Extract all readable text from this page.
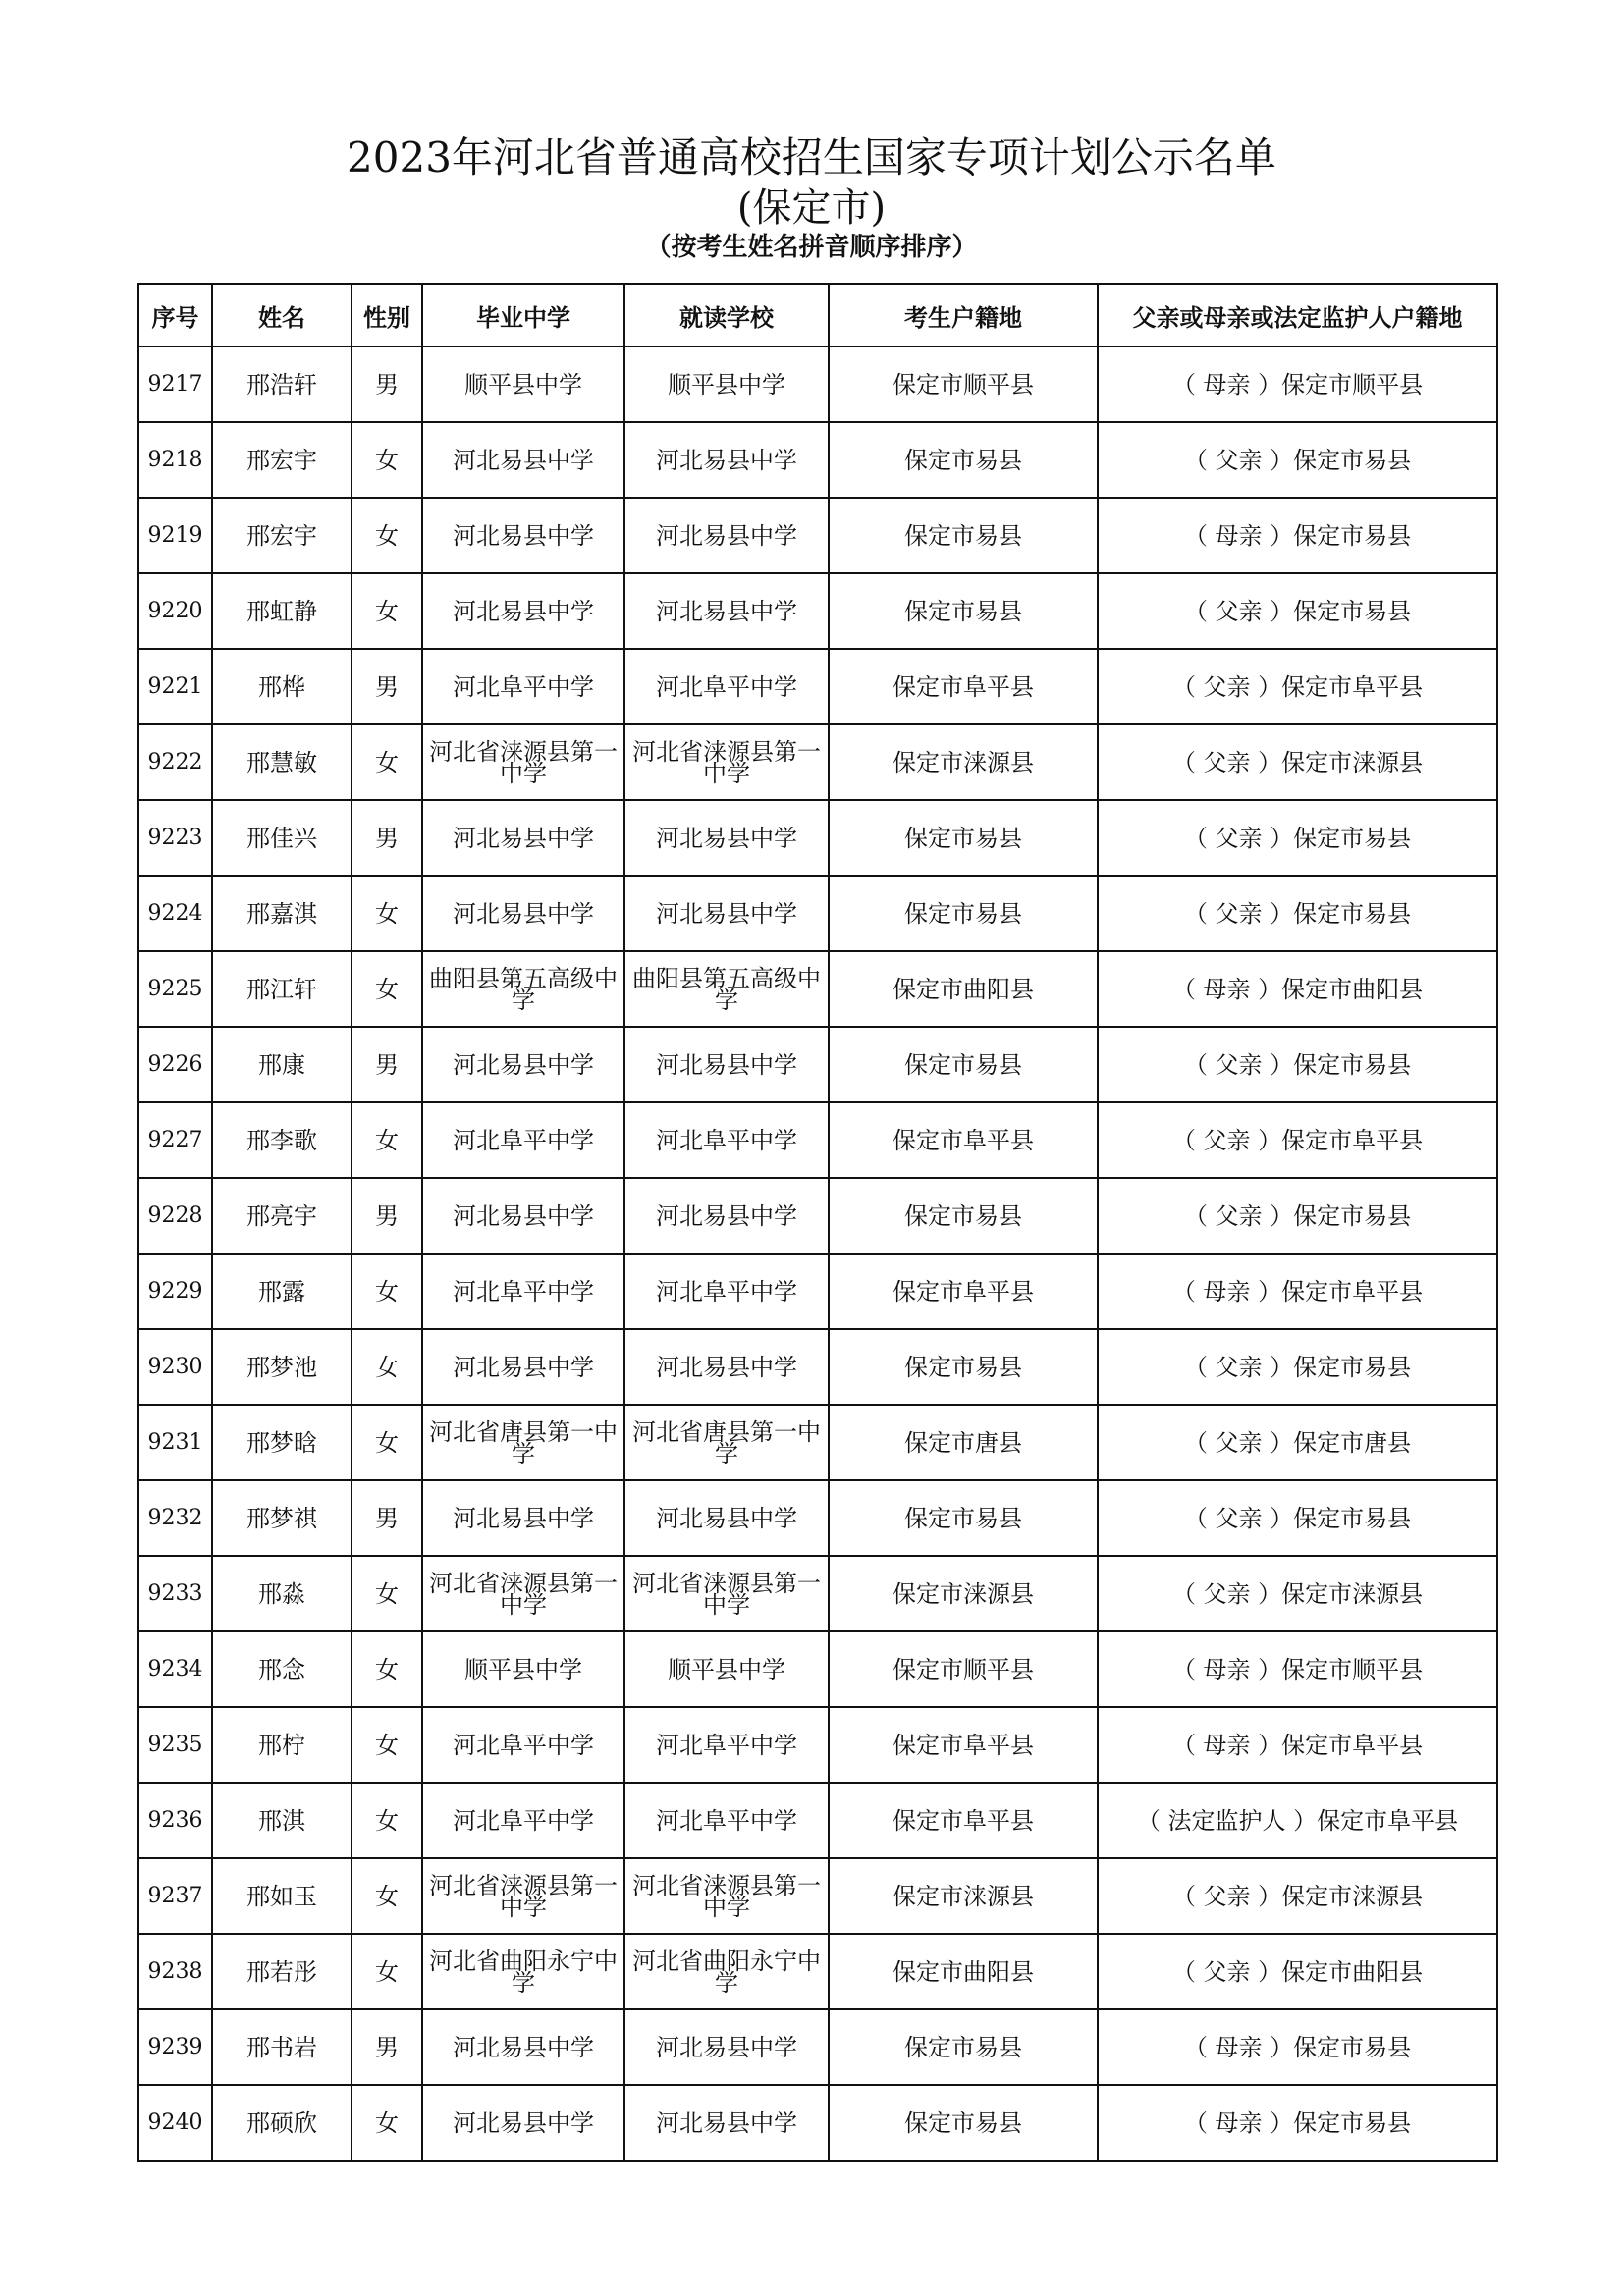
2023年河北省普通高校招生国家专项计划公示名单
(保定市)
（按考生姓名拼音顺序排序）
序号	姓名	性别	毕业中学	就读学校	考生户籍地	父亲或母亲或法定监护人户籍地
9217	邢浩轩	男	顺平县中学	顺平县中学	保定市顺平县	（ 母亲 ）保定市顺平县
9218	邢宏宇	女	河北易县中学	河北易县中学	保定市易县	（ 父亲 ）保定市易县
9219	邢宏宇	女	河北易县中学	河北易县中学	保定市易县	（ 母亲 ）保定市易县
9220	邢虹静	女	河北易县中学	河北易县中学	保定市易县	（ 父亲 ）保定市易县
9221	邢桦	男	河北阜平中学	河北阜平中学	保定市阜平县	（ 父亲 ）保定市阜平县
9222	邢慧敏	女	河北省涞源县第一中学	河北省涞源县第一中学	保定市涞源县	（ 父亲 ）保定市涞源县
9223	邢佳兴	男	河北易县中学	河北易县中学	保定市易县	（ 父亲 ）保定市易县
9224	邢嘉淇	女	河北易县中学	河北易县中学	保定市易县	（ 父亲 ）保定市易县
9225	邢江轩	女	曲阳县第五高级中学	曲阳县第五高级中学	保定市曲阳县	（ 母亲 ）保定市曲阳县
9226	邢康	男	河北易县中学	河北易县中学	保定市易县	（ 父亲 ）保定市易县
9227	邢李歌	女	河北阜平中学	河北阜平中学	保定市阜平县	（ 父亲 ）保定市阜平县
9228	邢亮宇	男	河北易县中学	河北易县中学	保定市易县	（ 父亲 ）保定市易县
9229	邢露	女	河北阜平中学	河北阜平中学	保定市阜平县	（ 母亲 ）保定市阜平县
9230	邢梦池	女	河北易县中学	河北易县中学	保定市易县	（ 父亲 ）保定市易县
9231	邢梦晗	女	河北省唐县第一中学	河北省唐县第一中学	保定市唐县	（ 父亲 ）保定市唐县
9232	邢梦祺	男	河北易县中学	河北易县中学	保定市易县	（ 父亲 ）保定市易县
9233	邢淼	女	河北省涞源县第一中学	河北省涞源县第一中学	保定市涞源县	（ 父亲 ）保定市涞源县
9234	邢念	女	顺平县中学	顺平县中学	保定市顺平县	（ 母亲 ）保定市顺平县
9235	邢柠	女	河北阜平中学	河北阜平中学	保定市阜平县	（ 母亲 ）保定市阜平县
9236	邢淇	女	河北阜平中学	河北阜平中学	保定市阜平县	（ 法定监护人 ）保定市阜平县
9237	邢如玉	女	河北省涞源县第一中学	河北省涞源县第一中学	保定市涞源县	（ 父亲 ）保定市涞源县
9238	邢若彤	女	河北省曲阳永宁中学	河北省曲阳永宁中学	保定市曲阳县	（ 父亲 ）保定市曲阳县
9239	邢书岩	男	河北易县中学	河北易县中学	保定市易县	（ 母亲 ）保定市易县
9240	邢硕欣	女	河北易县中学	河北易县中学	保定市易县	（ 母亲 ）保定市易县
